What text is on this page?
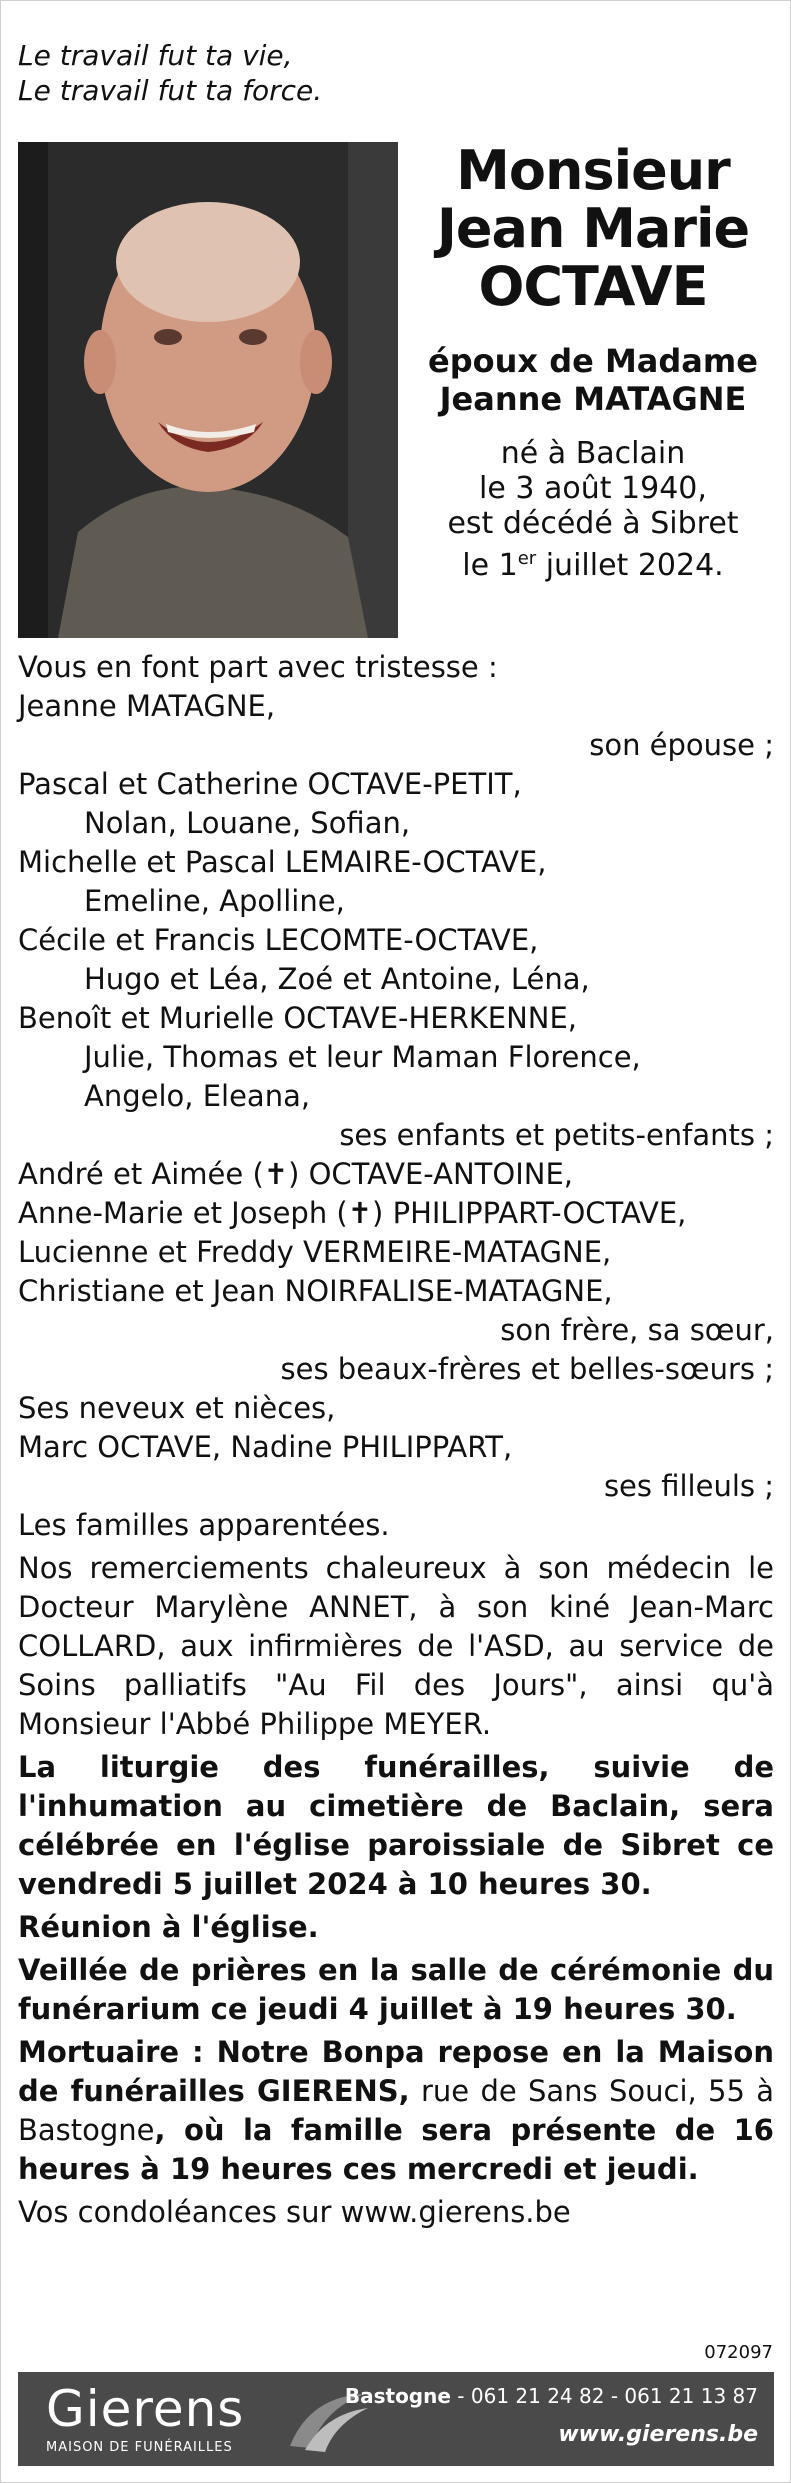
Le travail fut ta vie,
Le travail fut ta force.
Monsieur
Jean Marie
OCTAVE
époux de Madame
Jeanne MATAGNE
né à Baclain
le 3 août 1940,
est décédé à Sibret
le 1er juillet 2024.
Vous en font part avec tristesse :
Jeanne MATAGNE,
son épouse ;
Pascal et Catherine OCTAVE-PETIT,
Nolan, Louane, Sofian,
Michelle et Pascal LEMAIRE-OCTAVE,
Emeline, Apolline,
Cécile et Francis LECOMTE-OCTAVE,
Hugo et Léa, Zoé et Antoine, Léna,
Benoît et Murielle OCTAVE-HERKENNE,
Julie, Thomas et leur Maman Florence,
Angelo, Eleana,
ses enfants et petits-enfants ;
André et Aimée (✝) OCTAVE-ANTOINE,
Anne-Marie et Joseph (✝) PHILIPPART-OCTAVE,
Lucienne et Freddy VERMEIRE-MATAGNE,
Christiane et Jean NOIRFALISE-MATAGNE,
son frère, sa sœur,
ses beaux-frères et belles-sœurs ;
Ses neveux et nièces,
Marc OCTAVE, Nadine PHILIPPART,
ses filleuls ;
Les familles apparentées.
Nos remerciements chaleureux à son médecin le Docteur Marylène ANNET, à son kiné Jean-Marc COLLARD, aux infirmières de l'ASD, au service de Soins palliatifs "Au Fil des Jours", ainsi qu'à Monsieur l'Abbé Philippe MEYER.
La liturgie des funérailles, suivie de l'inhumation au cimetière de Baclain, sera célébrée en l'église paroissiale de Sibret ce vendredi 5 juillet 2024 à 10 heures 30.
Réunion à l'église.
Veillée de prières en la salle de cérémonie du funérarium ce jeudi 4 juillet à 19 heures 30.
Mortuaire : Notre Bonpa repose en la Maison de funérailles GIERENS, rue de Sans Souci, 55 à Bastogne, où la famille sera présente de 16 heures à 19 heures ces mercredi et jeudi.
Vos condoléances sur www.gierens.be
072097
Gierens
MAISON DE FUNÉRAILLES
Bastogne - 061 21 24 82 - 061 21 13 87
www.gierens.be
